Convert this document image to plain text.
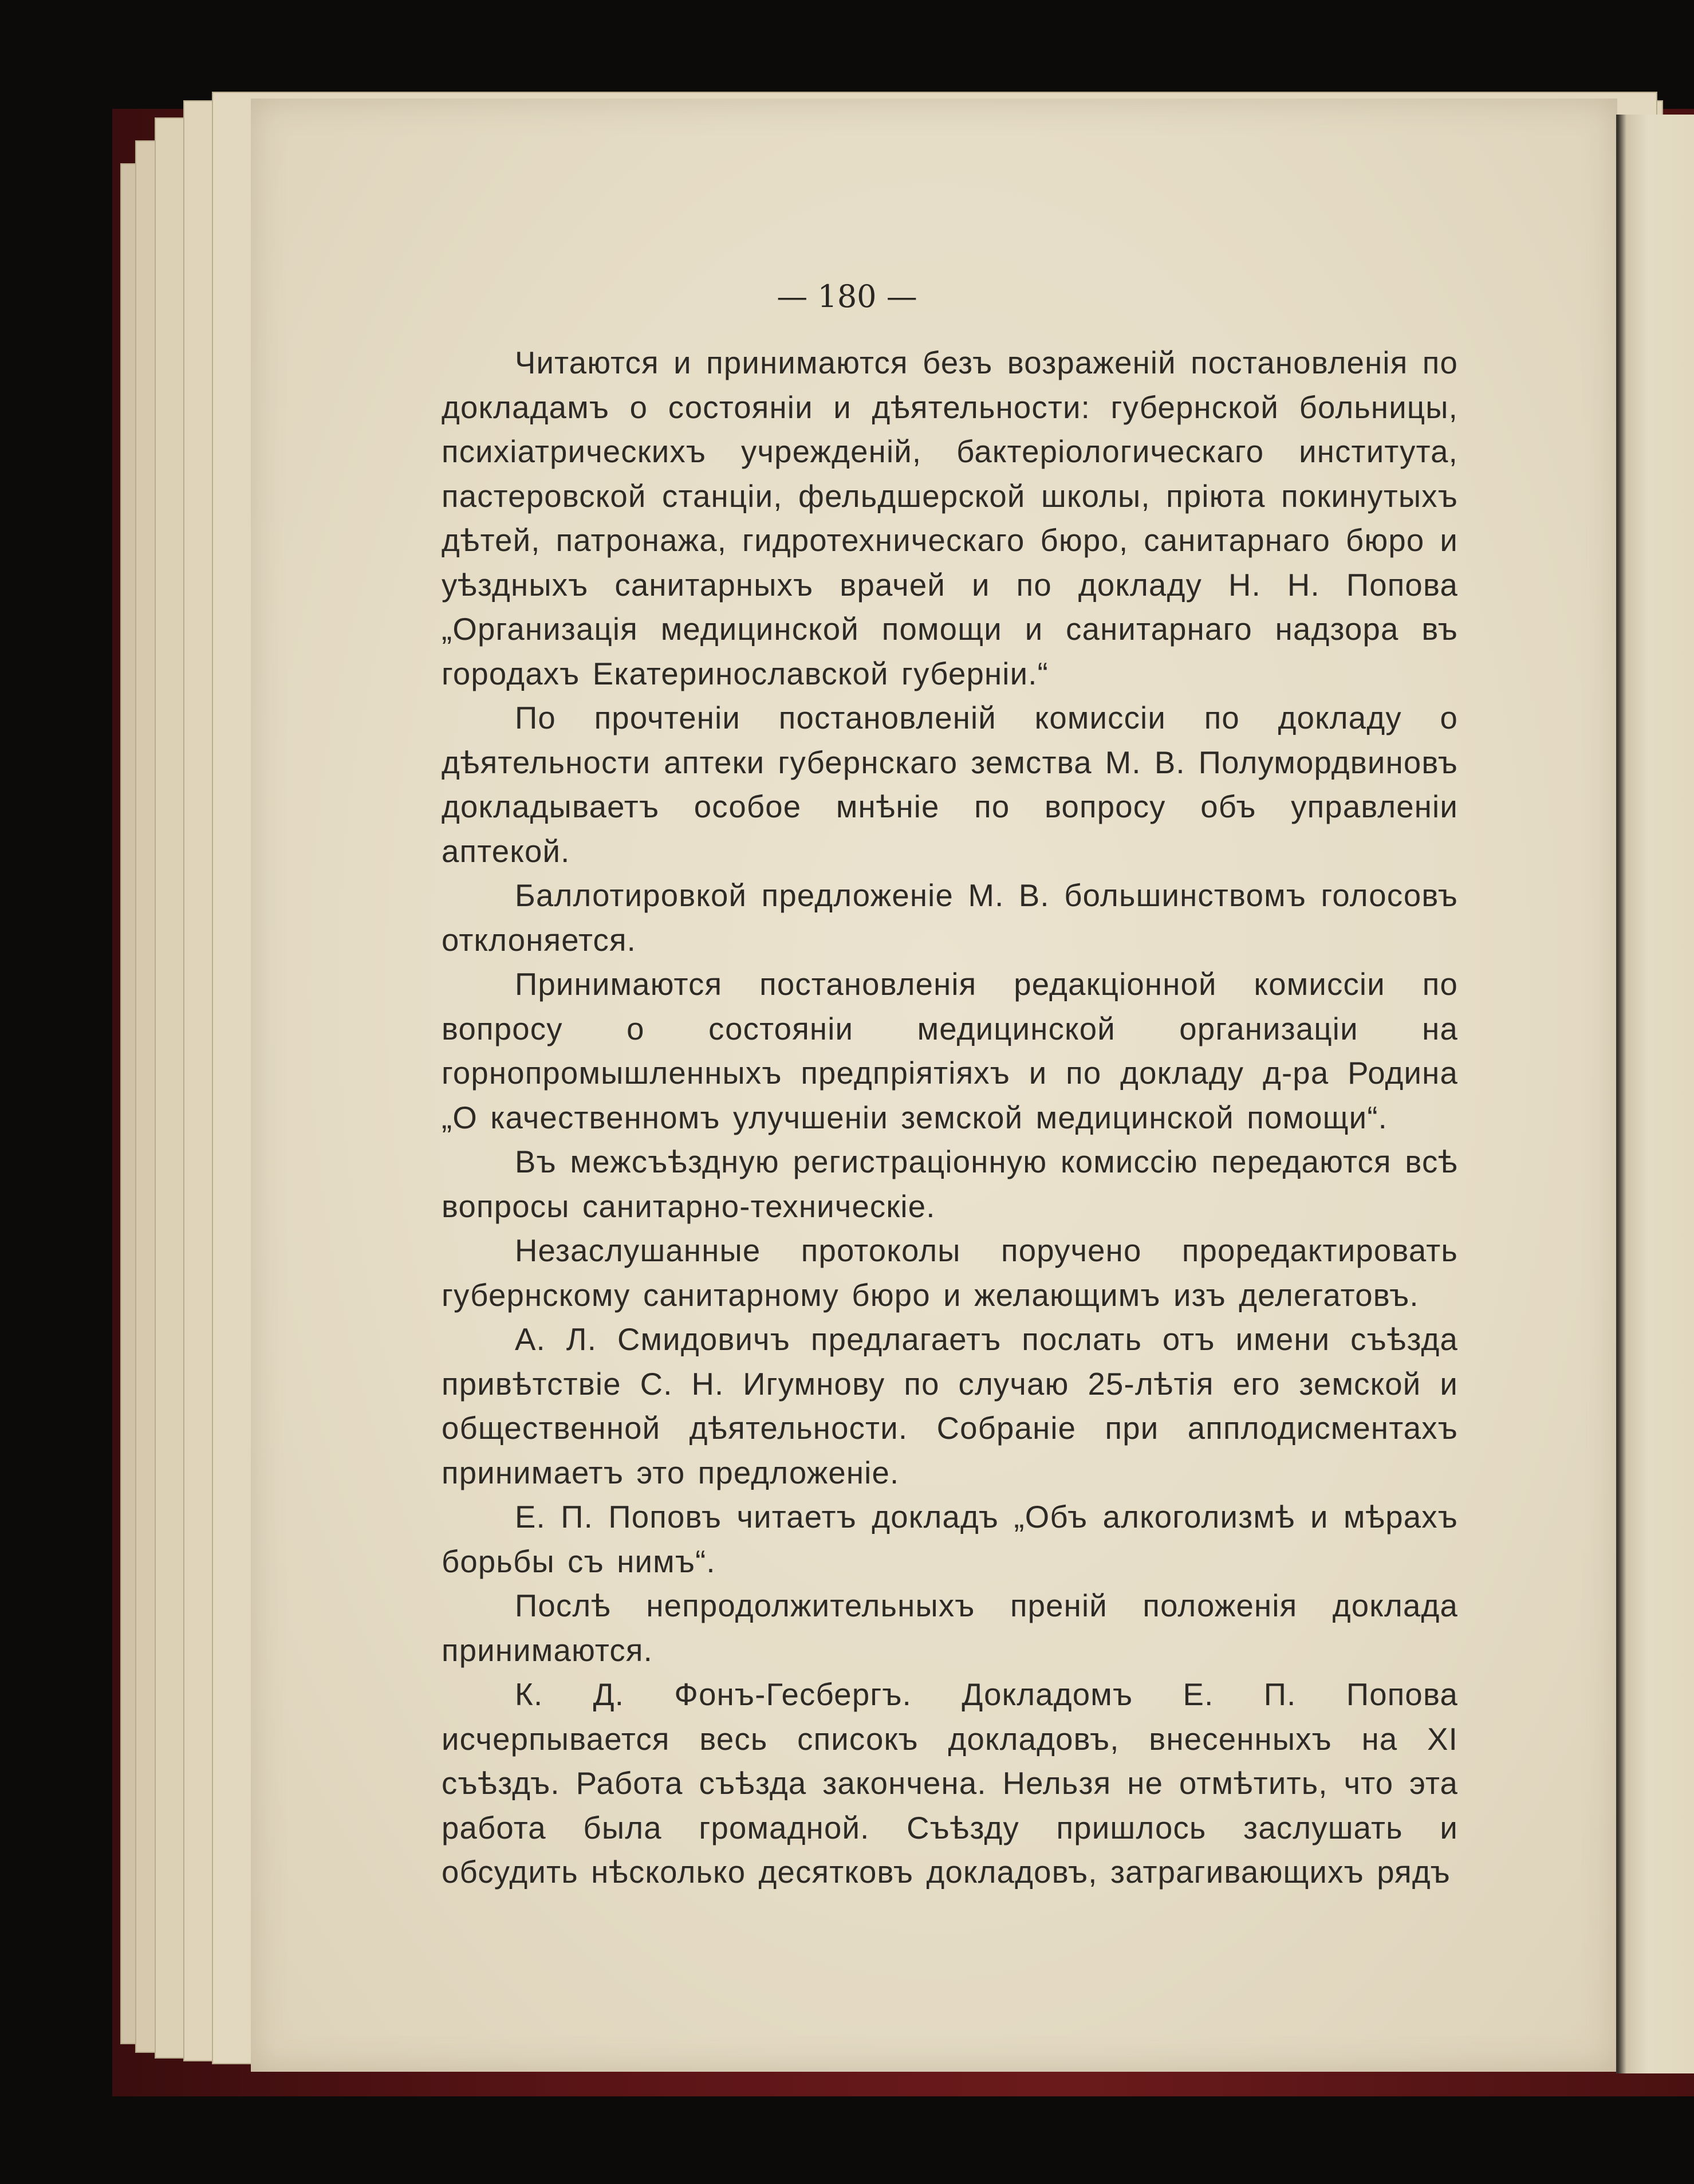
— 180 —

Читаются и принимаются безъ возраженій постановленія по докладамъ о состояніи и дѣятельности: губернской больницы, психіатрическихъ учрежденій, бактеріологическаго института, пастеровской станціи, фельдшерской школы, пріюта покинутыхъ дѣтей, патронажа, гидротехническаго бюро, санитарнаго бюро и уѣздныхъ санитарныхъ врачей и по докладу Н. Н. Попова „Организація медицинской помощи и санитарнаго надзора въ городахъ Екатеринославской губерніи.“

По прочтеніи постановленій комиссіи по докладу о дѣятельности аптеки губернскаго земства М. В. Полумордвиновъ докладываетъ особое мнѣніе по вопросу объ управленіи аптекой.

Баллотировкой предложеніе М. В. большинствомъ голосовъ отклоняется.

Принимаются постановленія редакціонной комиссіи по вопросу о состояніи медицинской организаціи на горнопромышленныхъ предпріятіяхъ и по докладу д-ра Родина „О качественномъ улучшеніи земской медицинской помощи“.

Въ межсъѣздную регистраціонную комиссію передаются всѣ вопросы санитарно-техническіе.

Незаслушанные протоколы поручено проредактировать губернскому санитарному бюро и желающимъ изъ делегатовъ.

А. Л. Смидовичъ предлагаетъ послать отъ имени съѣзда привѣтствіе С. Н. Игумнову по случаю 25-лѣтія его земской и общественной дѣятельности. Собраніе при апплодисментахъ принимаетъ это предложеніе.

Е. П. Поповъ читаетъ докладъ „Объ алкоголизмѣ и мѣрахъ борьбы съ нимъ“.

Послѣ непродолжительныхъ преній положенія доклада принимаются.

К. Д. Фонъ-Гесбергъ. Докладомъ Е. П. Попова исчерпывается весь списокъ докладовъ, внесенныхъ на XI съѣздъ. Работа съѣзда закончена. Нельзя не отмѣтить, что эта работа была громадной. Съѣзду пришлось заслушать и обсудить нѣсколько десятковъ докладовъ, затрагивающихъ рядъ
